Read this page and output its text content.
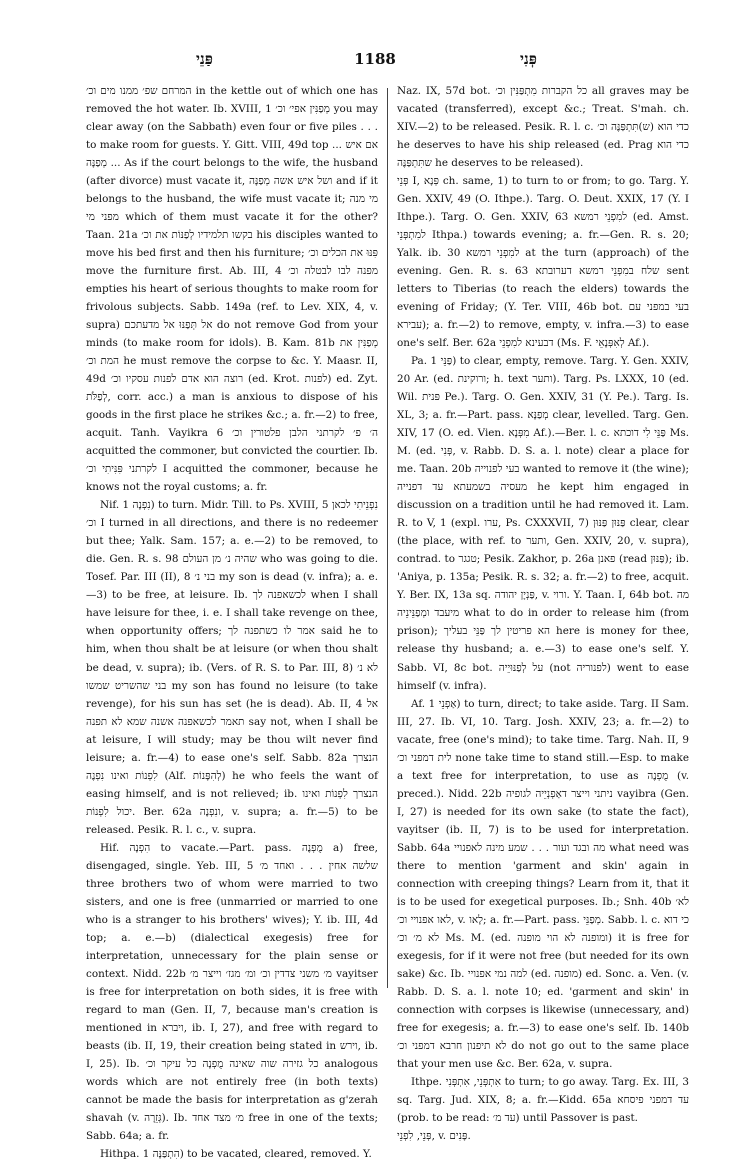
פַּנֵי	1188	פְּנִי

המרחם שפ׳ ממנו מים וכ׳ in the kettle out of which one has removed the hot water. Ib. XVIII, 1 מְפַנִּין אפי׳ וכ׳ you may clear away (on the Sabbath) even four or five piles . . . to make room for guests. Y. Gitt. VIII, 49d top ... אם איש ... מְפַנָּה As if the court belongs to the wife, the husband (after divorce) must vacate it, ושל איש אשה מְפַנָּה and if it belongs to the husband, the wife must vacate it; מי מנה מפני מי which of them must vacate it for the other? Taan. 21a בקשו תלמידיו לְפַנּוֹת את וכ׳ his disciples wanted to move his bed first and then his furniture; פִּנּוּ את הכלים וכ׳ move the furniture first. Ab. III, 4 מפנה לבו לבטלה וכ׳ empties his heart of serious thoughts to make room for frivolous subjects. Sabb. 149a (ref. to Lev. XIX, 4, v. supra) אל תְּפַנּוּ אל מדעתכם do not remove God from your minds (to make room for idols). B. Kam. 81b מְפַנִּין את המת וכ׳ he must remove the corpse to &c. Y. Maasr. II, 49d רוצה הוא אדם לפנות עסקיו וכ׳ (ed. Krot. לפנות) ed. Zyt. לְפַלֹּת, corr. acc.) a man is anxious to dispose of his goods in the first place he strikes &c.; a. fr.—2) to free, acquit. Tanh. Vayikra 6 ה׳ פ׳ לקרתני הלבן פלטורין וכ׳ acquitted the commoner, but convicted the courtier. Ib. לקרתני פִּנִּיתִי וכ׳ I acquitted the commoner, because he knows not the royal customs; a. fr.

Nif. נִפְנָה 1) to turn. Midr. Till. to Ps. XVIII, 5 נִפְנֵיתִי לכאן וכ׳ I turned in all directions, and there is no redeemer but thee; Yalk. Sam. 157; a. e.—2) to be removed, to die. Gen. R. s. 98 שהיה נ׳ מן העולם who was going to die. Tosef. Par. III (II), 8 בני נ׳ my son is dead (v. infra); a. e.—3) to be free, at leisure. Ib. לכשאפנה לך when I shall have leisure for thee, i. e. I shall take revenge on thee, when opportunity offers; אמר לו כשתפנה לך said he to him, when thou shalt be at leisure (or when thou shalt be dead, v. supra); ib. (Vers. of R. S. to Par. III, 8) לא נ׳ בני שהשריט שמשו my son has found no leisure (to take revenge), for his sun has set (he is dead). Ab. II, 4 אל תאמר לכשאפנה אשנה שמא לא תפנה say not, when I shall be at leisure, I will study; may be thou wilt never find leisure; a. fr.—4) to ease one's self. Sabb. 82a הנצרך לִפְנוֹת ואינו נִפְנֶה (Alf. לְהִפָּנוֹת) he who feels the want of easing himself, and is not relieved; ib. הנצרך לִפְנוֹת ואינו יכול לִפְנוֹת. Ber. 62a ונִפְנֶה, v. supra; a. fr.—5) to be released. Pesik. R. l. c., v. supra.

Hif. הִפְנָה to vacate.—Part. pass. מֻפְנֶה a) free, disengaged, single. Yeb. III, 5 שלשה אחין . . . ואחד מ׳ three brothers two of whom were married to two sisters, and one is free (unmarried or married to one who is a stranger to his brothers' wives); Y. ib. III, 4d top; a. e.—b) (dialectical exegesis) free for interpretation, unnecessary for the plain sense or context. Nidd. 22b מ׳ משני צדדין וכ׳ ומ׳ מגז׳ וייצר מ׳ vayitser is free for interpretation on both sides, it is free with regard to man (Gen. II, 7, because man's creation is mentioned in ויברא, ib. I, 27), and free with regard to beasts (ib. II, 19, their creation being stated in וירש, ib. I, 25). Ib. כל גזירה שוה שאינה מֻפְנָה כל עיקר וכ׳ analogous words which are not entirely free (in both texts) cannot be made the basis for interpretation as g'zerah shavah (v. גְּזֵרָה). Ib. מ׳ מצד אחד free in one of the texts; Sabb. 64a; a. fr.

Hithpa. הִתְפַּנָּה 1) to be vacated, cleared, removed. Y.

Naz. IX, 57d bot. כל הקברות מִתְפַּנִּין וכ׳ all graves may be vacated (transferred), except &c.; Treat. S'mah. ch. XIV.—2) to be released. Pesik. R. l. c. כדי הוא (ש)תִּתְפַּנֶּה וכ׳ he deserves to have his ship released (ed. Prag כדי הוא שתִּתְפַּנֶּה he deserves to be released).

פְּנֵי I, פְּנָא ch. same, 1) to turn to or from; to go. Targ. Y. Gen. XXIV, 49 (O. Ithpe.). Targ. O. Deut. XXIX, 17 (Y. I Ithpe.). Targ. O. Gen. XXIV, 63 למִפְנֵי רמשא (ed. Amst. למִתְפְּנֵי Ithpa.) towards evening; a. fr.—Gen. R. s. 20; Yalk. ib. 30 למִפְנֵי רמשא at the turn (approach) of the evening. Gen. R. s. 63 שלח במִפְנֵי רמשא דערובתא sent letters to Tiberias (to reach the elders) towards the evening of Friday; (Y. Ter. VIII, 46b bot. בעי במפני עם עבירא); a. fr.—2) to remove, empty, v. infra.—3) to ease one's self. Ber. 62a דבעינא למִפְנֵי (Ms. F. לְאִפְּנָאֵי Af.).

Pa. פַּנֵּי 1) to clear, empty, remove. Targ. Y. Gen. XXIV, 20 Ar. (ed. ורוקינת; h. text ותער). Targ. Ps. LXXX, 10 (ed. Wil. פּנית Pe.). Targ. O. Gen. XXIV, 31 (Y. Pe.). Targ. Is. XL, 3; a. fr.—Part. pass. מְפַנָּא clear, levelled. Targ. Gen. XIV, 17 (O. ed. Vien. מִפְּנָא Af.).—Ber. l. c. פַּנֵּי לִי דוכתא Ms. M. (ed. פְּנִי, v. Rabb. D. S. a. l. note) clear a place for me. Taan. 20b בעי לפנוייה wanted to remove it (the wine); מעסיה בשמעתא עד דפנייה he kept him engaged in discussion on a tradition until he had removed it. Lam. R. to V, 1 (expl. ערו, Ps. CXXXVII, 7) פַּנּוּן פַּנּוּן clear, clear (the place, with ref. to ותער, Gen. XXIV, 20, v. supra), contrad. to טגגר; Pesik. Zakhor, p. 26a פאנן (read פַּנּוּן); ib. 'Aniya, p. 135a; Pesik. R. s. 32; a. fr.—2) to free, acquit. Y. Ber. IX, 13a sq. פַּנְיָן יהודה, v. ורוי. Y. Taan. I, 64b bot. מה מיעבד ומְפַנֵּינֵיה what to do in order to release him (from prison); הא פריטין לך פַּנֵּי בעליך here is money for thee, release thy husband; a. e.—3) to ease one's self. Y. Sabb. VI, 8c bot. על לְפַנּוּיֵיה (not לפנוריה) went to ease himself (v. infra).

Af. אַפְנֵי 1) to turn, direct; to take aside. Targ. II Sam. III, 27. Ib. VI, 10. Targ. Josh. XXIV, 23; a. fr.—2) to vacate, free (one's mind); to take time. Targ. Nah. II, 9 לית דמפני וכ׳ none take time to stand still.—Esp. to make a text free for interpretation, to use as מֻפְנֶה (v. preced.). Nidd. 22b ניתני וייצר דאַפְנְיֵיה לגופיה vayibra (Gen. I, 27) is needed for its own sake (to state the fact), vayitser (ib. II, 7) is to be used for interpretation. Sabb. 64a מה ובגד ועור . . . שמע מינה לאפנויי what need was there to mention 'garment and skin' again in connection with creeping things? Learn from it, that it is to be used for exegetical purposes. Ib.; Snh. 40b לא׳ לאו אפנויי וכ׳, v. לָאו; a. fr.—Part. pass. מְפַנֵּי. Sabb. l. c. כי דוא לא מ׳ וכ׳ Ms. M. (ed. ומופנה לא הוי מופנה) it is free for exegesis, for if it were not free (but needed for its own sake) &c. Ib. למה נמי אפנויי (ed. מופנה) ed. Sonc. a. Ven. (v. Rabb. D. S. a. l. note 10; ed. 'garment and skin' in connection with corpses is likewise (unnecessary, and) free for exegesis; a. fr.—3) to ease one's self. Ib. 140b לא תיפנון חרבא דמפני וכ׳ do not go out to the same place that your men use &c. Ber. 62a, v. supra.

Ithpe. אִתְפְּנֵי, אִתְפְּנִי to turn; to go away. Targ. Ex. III, 3 sq. Targ. Jud. XIX, 8; a. fr.—Kidd. 65a עד דמפני פיסחא (prob. to be read: עד מ׳) until Passover is past.

פְּנֵי, לִפְנֵי, v. פָּנִים.
